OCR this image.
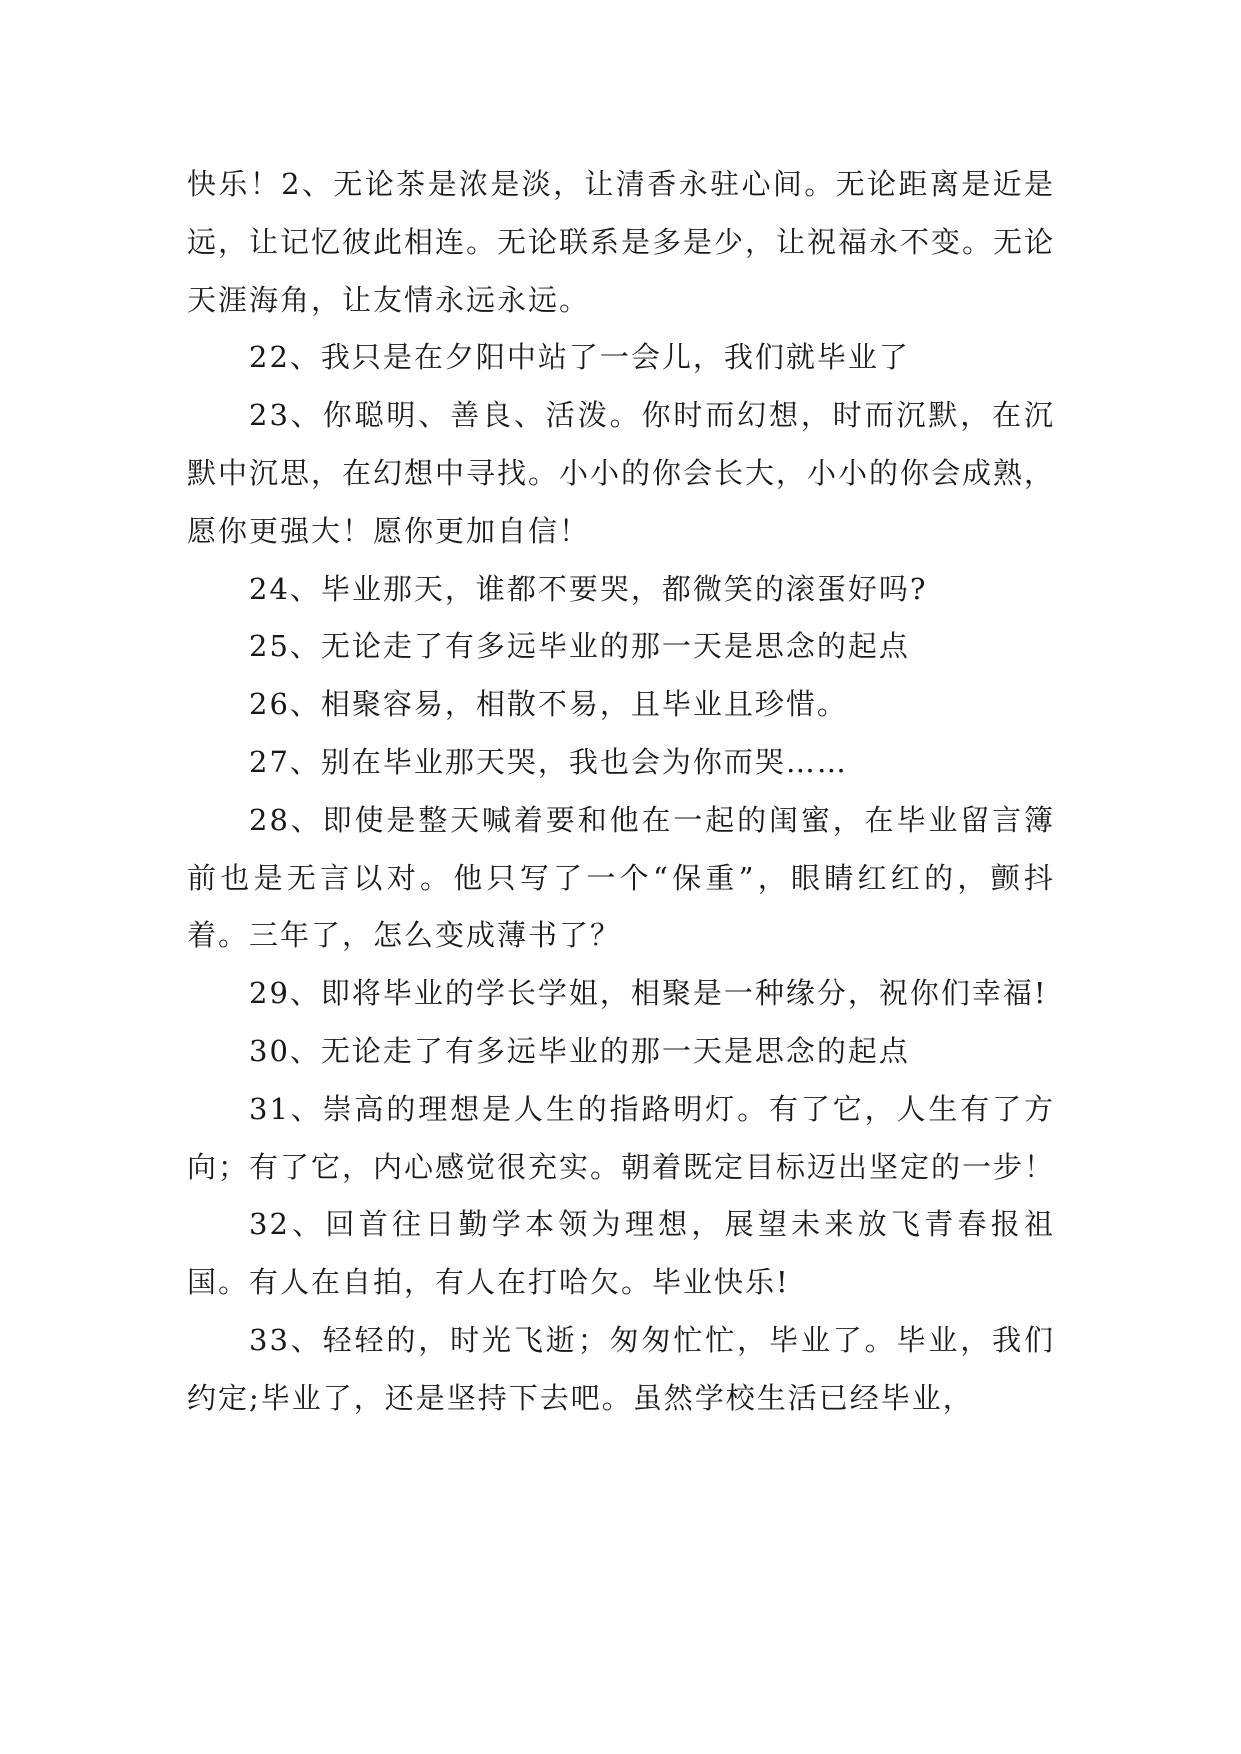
快乐！2、无论茶是浓是淡，让清香永驻心间。无论距离是近是远，让记忆彼此相连。无论联系是多是少，让祝福永不变。无论天涯海角，让友情永远永远。

22、我只是在夕阳中站了一会儿，我们就毕业了

23、你聪明、善良、活泼。你时而幻想，时而沉默，在沉默中沉思，在幻想中寻找。小小的你会长大，小小的你会成熟，愿你更强大！愿你更加自信！

24、毕业那天，谁都不要哭，都微笑的滚蛋好吗?

25、无论走了有多远毕业的那一天是思念的起点

26、相聚容易，相散不易，且毕业且珍惜。

27、别在毕业那天哭，我也会为你而哭……

28、即使是整天喊着要和他在一起的闺蜜，在毕业留言簿前也是无言以对。他只写了一个“保重”，眼睛红红的，颤抖着。三年了，怎么变成薄书了？

29、即将毕业的学长学姐，相聚是一种缘分，祝你们幸福!

30、无论走了有多远毕业的那一天是思念的起点

31、崇高的理想是人生的指路明灯。有了它，人生有了方向；有了它，内心感觉很充实。朝着既定目标迈出坚定的一步！

32、回首往日勤学本领为理想，展望未来放飞青春报祖国。有人在自拍，有人在打哈欠。毕业快乐!

33、轻轻的，时光飞逝；匆匆忙忙，毕业了。毕业，我们约定;毕业了，还是坚持下去吧。虽然学校生活已经毕业，
